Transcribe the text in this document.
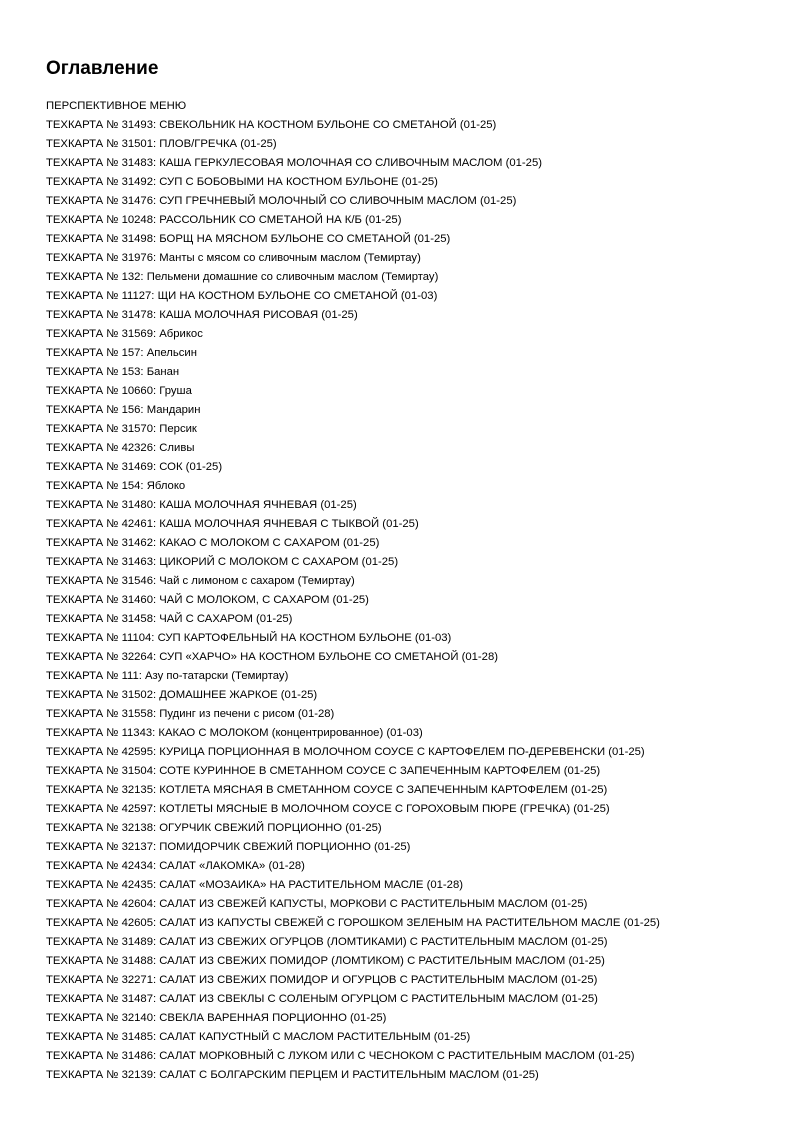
Оглавление
ПЕРСПЕКТИВНОЕ МЕНЮ
ТЕХКАРТА № 31493: СВЕКОЛЬНИК НА КОСТНОМ БУЛЬОНЕ СО СМЕТАНОЙ (01-25)
ТЕХКАРТА № 31501: ПЛОВ/ГРЕЧКА (01-25)
ТЕХКАРТА № 31483: КАША ГЕРКУЛЕСОВАЯ МОЛОЧНАЯ СО СЛИВОЧНЫМ МАСЛОМ (01-25)
ТЕХКАРТА № 31492: СУП С БОБОВЫМИ НА КОСТНОМ БУЛЬОНЕ (01-25)
ТЕХКАРТА № 31476: СУП ГРЕЧНЕВЫЙ МОЛОЧНЫЙ СО СЛИВОЧНЫМ МАСЛОМ (01-25)
ТЕХКАРТА № 10248: РАССОЛЬНИК СО СМЕТАНОЙ НА К/Б (01-25)
ТЕХКАРТА № 31498: БОРЩ НА МЯСНОМ БУЛЬОНЕ СО СМЕТАНОЙ (01-25)
ТЕХКАРТА № 31976: Манты с мясом со сливочным маслом (Темиртау)
ТЕХКАРТА № 132: Пельмени домашние со сливочным маслом (Темиртау)
ТЕХКАРТА № 11127: ЩИ НА КОСТНОМ БУЛЬОНЕ СО СМЕТАНОЙ (01-03)
ТЕХКАРТА № 31478: КАША МОЛОЧНАЯ РИСОВАЯ (01-25)
ТЕХКАРТА № 31569: Абрикос
ТЕХКАРТА № 157: Апельсин
ТЕХКАРТА № 153: Банан
ТЕХКАРТА № 10660: Груша
ТЕХКАРТА № 156: Мандарин
ТЕХКАРТА № 31570: Персик
ТЕХКАРТА № 42326: Сливы
ТЕХКАРТА № 31469: СОК (01-25)
ТЕХКАРТА № 154: Яблоко
ТЕХКАРТА № 31480: КАША МОЛОЧНАЯ ЯЧНЕВАЯ (01-25)
ТЕХКАРТА № 42461: КАША МОЛОЧНАЯ ЯЧНЕВАЯ С ТЫКВОЙ (01-25)
ТЕХКАРТА № 31462: КАКАО С МОЛОКОМ С САХАРОМ (01-25)
ТЕХКАРТА № 31463: ЦИКОРИЙ С МОЛОКОМ С САХАРОМ (01-25)
ТЕХКАРТА № 31546: Чай с лимоном с сахаром (Темиртау)
ТЕХКАРТА № 31460: ЧАЙ С МОЛОКОМ, С САХАРОМ (01-25)
ТЕХКАРТА № 31458: ЧАЙ С САХАРОМ (01-25)
ТЕХКАРТА № 11104: СУП КАРТОФЕЛЬНЫЙ НА КОСТНОМ БУЛЬОНЕ (01-03)
ТЕХКАРТА № 32264: СУП «ХАРЧО» НА КОСТНОМ БУЛЬОНЕ СО СМЕТАНОЙ (01-28)
ТЕХКАРТА № 111: Азу по-татарски (Темиртау)
ТЕХКАРТА № 31502: ДОМАШНЕЕ ЖАРКОЕ (01-25)
ТЕХКАРТА № 31558: Пудинг из печени с рисом (01-28)
ТЕХКАРТА № 11343: КАКАО С МОЛОКОМ (концентрированное) (01-03)
ТЕХКАРТА № 42595: КУРИЦА ПОРЦИОННАЯ В МОЛОЧНОМ СОУСЕ С КАРТОФЕЛЕМ ПО-ДЕРЕВЕНСКИ (01-25)
ТЕХКАРТА № 31504: СОТЕ КУРИННОЕ В СМЕТАННОМ СОУСЕ С ЗАПЕЧЕННЫМ КАРТОФЕЛЕМ (01-25)
ТЕХКАРТА № 32135: КОТЛЕТА МЯСНАЯ В СМЕТАННОМ СОУСЕ С ЗАПЕЧЕННЫМ КАРТОФЕЛЕМ (01-25)
ТЕХКАРТА № 42597: КОТЛЕТЫ МЯСНЫЕ В МОЛОЧНОМ СОУСЕ С ГОРОХОВЫМ ПЮРЕ (ГРЕЧКА) (01-25)
ТЕХКАРТА № 32138: ОГУРЧИК СВЕЖИЙ ПОРЦИОННО (01-25)
ТЕХКАРТА № 32137: ПОМИДОРЧИК СВЕЖИЙ ПОРЦИОННО (01-25)
ТЕХКАРТА № 42434: САЛАТ «ЛАКОМКА» (01-28)
ТЕХКАРТА № 42435: САЛАТ «МОЗАИКА» НА РАСТИТЕЛЬНОМ МАСЛЕ (01-28)
ТЕХКАРТА № 42604: САЛАТ ИЗ СВЕЖЕЙ КАПУСТЫ, МОРКОВИ С РАСТИТЕЛЬНЫМ МАСЛОМ (01-25)
ТЕХКАРТА № 42605: САЛАТ ИЗ КАПУСТЫ СВЕЖЕЙ С ГОРОШКОМ ЗЕЛЕНЫМ НА РАСТИТЕЛЬНОМ МАСЛЕ (01-25)
ТЕХКАРТА № 31489: САЛАТ ИЗ СВЕЖИХ ОГУРЦОВ (ЛОМТИКАМИ) С РАСТИТЕЛЬНЫМ МАСЛОМ (01-25)
ТЕХКАРТА № 31488: САЛАТ ИЗ СВЕЖИХ ПОМИДОР (ЛОМТИКОМ) С РАСТИТЕЛЬНЫМ МАСЛОМ (01-25)
ТЕХКАРТА № 32271: САЛАТ ИЗ СВЕЖИХ ПОМИДОР И ОГУРЦОВ С РАСТИТЕЛЬНЫМ МАСЛОМ (01-25)
ТЕХКАРТА № 31487: САЛАТ ИЗ СВЕКЛЫ С СОЛЕНЫМ ОГУРЦОМ С РАСТИТЕЛЬНЫМ МАСЛОМ (01-25)
ТЕХКАРТА № 32140: СВЕКЛА ВАРЕННАЯ ПОРЦИОННО (01-25)
ТЕХКАРТА № 31485: САЛАТ КАПУСТНЫЙ С МАСЛОМ РАСТИТЕЛЬНЫМ (01-25)
ТЕХКАРТА № 31486: САЛАТ МОРКОВНЫЙ С ЛУКОМ ИЛИ С ЧЕСНОКОМ С РАСТИТЕЛЬНЫМ МАСЛОМ (01-25)
ТЕХКАРТА № 32139: САЛАТ С БОЛГАРСКИМ ПЕРЦЕМ И РАСТИТЕЛЬНЫМ МАСЛОМ (01-25)
